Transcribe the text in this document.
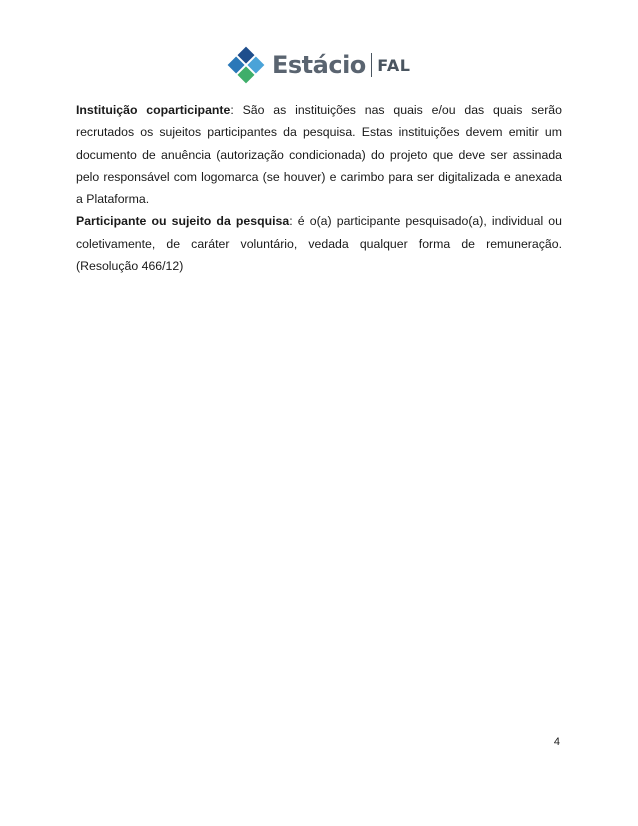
Estácio FAL

Instituição coparticipante: São as instituições nas quais e/ou das quais serão recrutados os sujeitos participantes da pesquisa. Estas instituições devem emitir um documento de anuência (autorização condicionada) do projeto que deve ser assinada pelo responsável com logomarca (se houver) e carimbo para ser digitalizada e anexada a Plataforma.

Participante ou sujeito da pesquisa: é o(a) participante pesquisado(a), individual ou coletivamente, de caráter voluntário, vedada qualquer forma de remuneração. (Resolução 466/12)

4
